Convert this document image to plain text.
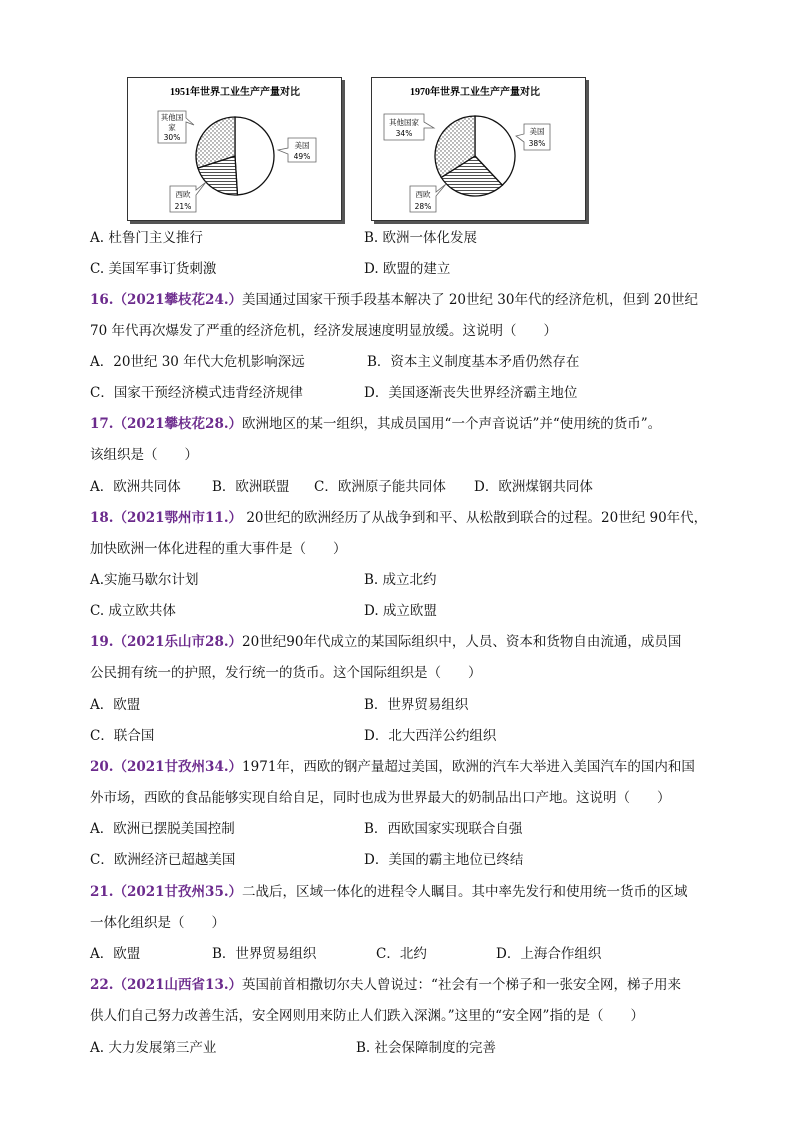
1951年世界工业生产产量对比
其他国
家
30%
美国
49%
西欧
21%
1970年世界工业生产产量对比
其他国家
34%	美国
38%
西欧
28%
A. 杜鲁门主义推行	B. 欧洲一体化发展
C. 美国军事订货刺激	D. 欧盟的建立
16.（2021攀枝花24.）美国通过国家干预手段基本解决了 20世纪 30年代的经济危机，但到 20世纪
70 年代再次爆发了严重的经济危机，经济发展速度明显放缓。这说明（　　）
A．20世纪 30 年代大危机影响深远	B．资本主义制度基本矛盾仍然存在
C．国家干预经济模式违背经济规律	D．美国逐渐丧失世界经济霸主地位
17.（2021攀枝花28.）欧洲地区的某一组织，其成员国用“一个声音说话”并“使用统的货币”。
该组织是（　　）
A．欧洲共同体 B．欧洲联盟 C．欧洲原子能共同体 D．欧洲煤钢共同体
18.（2021鄂州市11.） 20世纪的欧洲经历了从战争到和平、从松散到联合的过程。20世纪 90年代，
加快欧洲一体化进程的重大事件是（　　）
A.实施马歇尔计划	B. 成立北约
C. 成立欧共体	D. 成立欧盟
19.（2021乐山市28.）20世纪90年代成立的某国际组织中，人员、资本和货物自由流通，成员国
公民拥有统一的护照，发行统一的货币。这个国际组织是（　　）
A．欧盟	B．世界贸易组织
C．联合国	D．北大西洋公约组织
20.（2021甘孜州34.）1971年，西欧的钢产量超过美国，欧洲的汽车大举进入美国汽车的国内和国
外市场，西欧的食品能够实现自给自足，同时也成为世界最大的奶制品出口产地。这说明（　　）
A．欧洲已摆脱美国控制	B．西欧国家实现联合自强
C．欧洲经济已超越美国	D．美国的霸主地位已终结
21.（2021甘孜州35.）二战后，区域一体化的进程令人瞩目。其中率先发行和使用统一货币的区域
一体化组织是（　　）
A．欧盟	B．世界贸易组织	C．北约	D．上海合作组织
22.（2021山西省13.）英国前首相撒切尔夫人曾说过：“社会有一个梯子和一张安全网，梯子用来
供人们自己努力改善生活，安全网则用来防止人们跌入深渊。”这里的“安全网”指的是（　　）
A. 大力发展第三产业	B. 社会保障制度的完善
